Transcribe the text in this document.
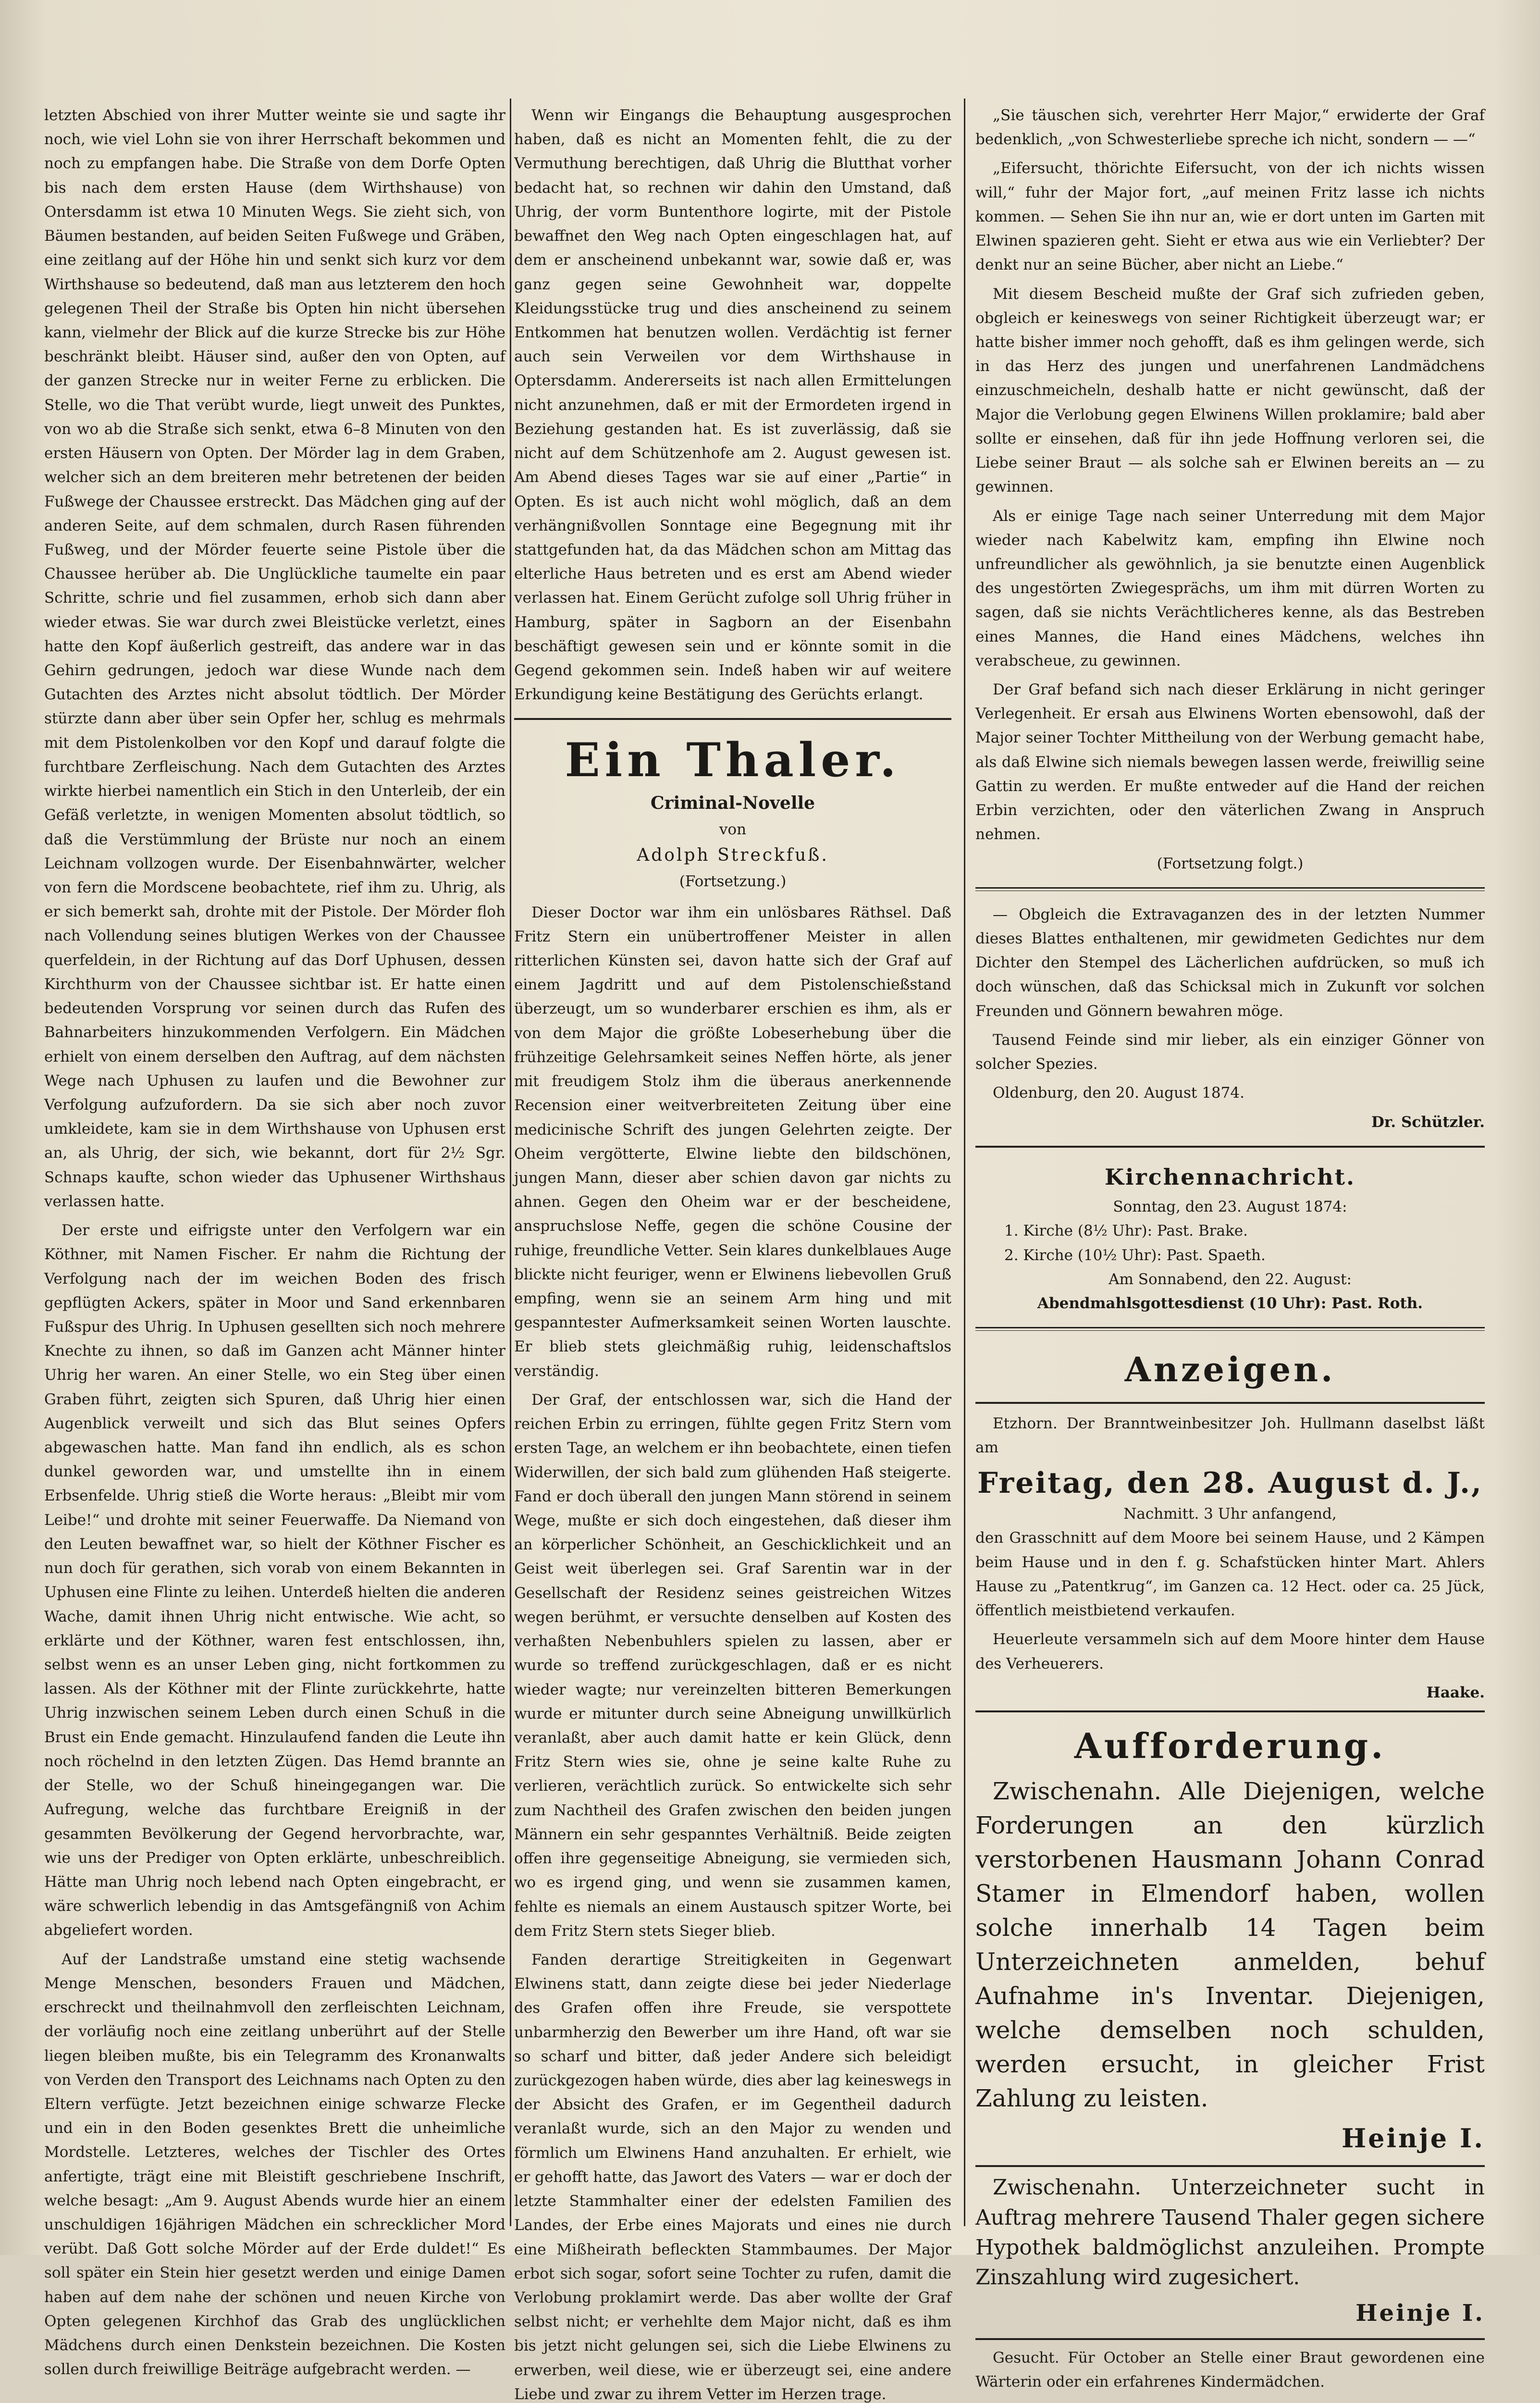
letzten Abschied von ihrer Mutter weinte sie und sagte ihr noch, wie viel Lohn sie von ihrer Herrschaft bekommen und noch zu empfangen habe. Die Straße von dem Dorfe Opten bis nach dem ersten Hause (dem Wirthshause) von Ontersdamm ist etwa 10 Minuten Wegs. Sie zieht sich, von Bäumen bestanden, auf beiden Seiten Fußwege und Gräben, eine zeitlang auf der Höhe hin und senkt sich kurz vor dem Wirthshause so bedeutend, daß man aus letzterem den hoch gelegenen Theil der Straße bis Opten hin nicht übersehen kann, vielmehr der Blick auf die kurze Strecke bis zur Höhe beschränkt bleibt. Häuser sind, außer den von Opten, auf der ganzen Strecke nur in weiter Ferne zu erblicken. Die Stelle, wo die That verübt wurde, liegt unweit des Punktes, von wo ab die Straße sich senkt, etwa 6–8 Minuten von den ersten Häusern von Opten. Der Mörder lag in dem Graben, welcher sich an dem breiteren mehr betretenen der beiden Fußwege der Chaussee erstreckt. Das Mädchen ging auf der anderen Seite, auf dem schmalen, durch Rasen führenden Fußweg, und der Mörder feuerte seine Pistole über die Chaussee herüber ab. Die Unglückliche taumelte ein paar Schritte, schrie und fiel zusammen, erhob sich dann aber wieder etwas. Sie war durch zwei Bleistücke verletzt, eines hatte den Kopf äußerlich gestreift, das andere war in das Gehirn gedrungen, jedoch war diese Wunde nach dem Gutachten des Arztes nicht absolut tödtlich. Der Mörder stürzte dann aber über sein Opfer her, schlug es mehrmals mit dem Pistolenkolben vor den Kopf und darauf folgte die furchtbare Zerfleischung. Nach dem Gutachten des Arztes wirkte hierbei namentlich ein Stich in den Unterleib, der ein Gefäß verletzte, in wenigen Momenten absolut tödtlich, so daß die Verstümmlung der Brüste nur noch an einem Leichnam vollzogen wurde. Der Eisenbahnwärter, welcher von fern die Mordscene beobachtete, rief ihm zu. Uhrig, als er sich bemerkt sah, drohte mit der Pistole. Der Mörder floh nach Vollendung seines blutigen Werkes von der Chaussee querfeldein, in der Richtung auf das Dorf Uphusen, dessen Kirchthurm von der Chaussee sichtbar ist. Er hatte einen bedeutenden Vorsprung vor seinen durch das Rufen des Bahnarbeiters hinzukommenden Verfolgern. Ein Mädchen erhielt von einem derselben den Auftrag, auf dem nächsten Wege nach Uphusen zu laufen und die Bewohner zur Verfolgung aufzufordern. Da sie sich aber noch zuvor umkleidete, kam sie in dem Wirthshause von Uphusen erst an, als Uhrig, der sich, wie bekannt, dort für 2½ Sgr. Schnaps kaufte, schon wieder das Uphusener Wirthshaus verlassen hatte.

Der erste und eifrigste unter den Verfolgern war ein Köthner, mit Namen Fischer. Er nahm die Richtung der Verfolgung nach der im weichen Boden des frisch gepflügten Ackers, später in Moor und Sand erkennbaren Fußspur des Uhrig. In Uphusen gesellten sich noch mehrere Knechte zu ihnen, so daß im Ganzen acht Männer hinter Uhrig her waren. An einer Stelle, wo ein Steg über einen Graben führt, zeigten sich Spuren, daß Uhrig hier einen Augenblick verweilt und sich das Blut seines Opfers abgewaschen hatte. Man fand ihn endlich, als es schon dunkel geworden war, und umstellte ihn in einem Erbsenfelde. Uhrig stieß die Worte heraus: „Bleibt mir vom Leibe!“ und drohte mit seiner Feuerwaffe. Da Niemand von den Leuten bewaffnet war, so hielt der Köthner Fischer es nun doch für gerathen, sich vorab von einem Bekannten in Uphusen eine Flinte zu leihen. Unterdeß hielten die anderen Wache, damit ihnen Uhrig nicht entwische. Wie acht, so erklärte und der Köthner, waren fest entschlossen, ihn, selbst wenn es an unser Leben ging, nicht fortkommen zu lassen. Als der Köthner mit der Flinte zurückkehrte, hatte Uhrig inzwischen seinem Leben durch einen Schuß in die Brust ein Ende gemacht. Hinzulaufend fanden die Leute ihn noch röchelnd in den letzten Zügen. Das Hemd brannte an der Stelle, wo der Schuß hineingegangen war. Die Aufregung, welche das furchtbare Ereigniß in der gesammten Bevölkerung der Gegend hervorbrachte, war, wie uns der Prediger von Opten erklärte, unbeschreiblich. Hätte man Uhrig noch lebend nach Opten eingebracht, er wäre schwerlich lebendig in das Amtsgefängniß von Achim abgeliefert worden.

Auf der Landstraße umstand eine stetig wachsende Menge Menschen, besonders Frauen und Mädchen, erschreckt und theilnahmvoll den zerfleischten Leichnam, der vorläufig noch eine zeitlang unberührt auf der Stelle liegen bleiben mußte, bis ein Telegramm des Kronanwalts von Verden den Transport des Leichnams nach Opten zu den Eltern verfügte. Jetzt bezeichnen einige schwarze Flecke und ein in den Boden gesenktes Brett die unheimliche Mordstelle. Letzteres, welches der Tischler des Ortes anfertigte, trägt eine mit Bleistift geschriebene Inschrift, welche besagt: „Am 9. August Abends wurde hier an einem unschuldigen 16jährigen Mädchen ein schrecklicher Mord verübt. Daß Gott solche Mörder auf der Erde duldet!“ Es soll später ein Stein hier gesetzt werden und einige Damen haben auf dem nahe der schönen und neuen Kirche von Opten gelegenen Kirchhof das Grab des unglücklichen Mädchens durch einen Denkstein bezeichnen. Die Kosten sollen durch freiwillige Beiträge aufgebracht werden. —

Wenn wir Eingangs die Behauptung ausgesprochen haben, daß es nicht an Momenten fehlt, die zu der Vermuthung berechtigen, daß Uhrig die Blutthat vorher bedacht hat, so rechnen wir dahin den Umstand, daß Uhrig, der vorm Buntenthore logirte, mit der Pistole bewaffnet den Weg nach Opten eingeschlagen hat, auf dem er anscheinend unbekannt war, sowie daß er, was ganz gegen seine Gewohnheit war, doppelte Kleidungsstücke trug und dies anscheinend zu seinem Entkommen hat benutzen wollen. Verdächtig ist ferner auch sein Verweilen vor dem Wirthshause in Optersdamm. Andererseits ist nach allen Ermittelungen nicht anzunehmen, daß er mit der Ermordeten irgend in Beziehung gestanden hat. Es ist zuverlässig, daß sie nicht auf dem Schützenhofe am 2. August gewesen ist. Am Abend dieses Tages war sie auf einer „Partie“ in Opten. Es ist auch nicht wohl möglich, daß an dem verhängnißvollen Sonntage eine Begegnung mit ihr stattgefunden hat, da das Mädchen schon am Mittag das elterliche Haus betreten und es erst am Abend wieder verlassen hat. Einem Gerücht zufolge soll Uhrig früher in Hamburg, später in Sagborn an der Eisenbahn beschäftigt gewesen sein und er könnte somit in die Gegend gekommen sein. Indeß haben wir auf weitere Erkundigung keine Bestätigung des Gerüchts erlangt.

Ein Thaler.
Criminal-Novelle
von
Adolph Streckfuß.
(Fortsetzung.)

Dieser Doctor war ihm ein unlösbares Räthsel. Daß Fritz Stern ein unübertroffener Meister in allen ritterlichen Künsten sei, davon hatte sich der Graf auf einem Jagdritt und auf dem Pistolenschießstand überzeugt, um so wunderbarer erschien es ihm, als er von dem Major die größte Lobeserhebung über die frühzeitige Gelehrsamkeit seines Neffen hörte, als jener mit freudigem Stolz ihm die überaus anerkennende Recension einer weitverbreiteten Zeitung über eine medicinische Schrift des jungen Gelehrten zeigte. Der Oheim vergötterte, Elwine liebte den bildschönen, jungen Mann, dieser aber schien davon gar nichts zu ahnen. Gegen den Oheim war er der bescheidene, anspruchslose Neffe, gegen die schöne Cousine der ruhige, freundliche Vetter. Sein klares dunkelblaues Auge blickte nicht feuriger, wenn er Elwinens liebevollen Gruß empfing, wenn sie an seinem Arm hing und mit gespanntester Aufmerksamkeit seinen Worten lauschte. Er blieb stets gleichmäßig ruhig, leidenschaftslos verständig.

Der Graf, der entschlossen war, sich die Hand der reichen Erbin zu erringen, fühlte gegen Fritz Stern vom ersten Tage, an welchem er ihn beobachtete, einen tiefen Widerwillen, der sich bald zum glühenden Haß steigerte. Fand er doch überall den jungen Mann störend in seinem Wege, mußte er sich doch eingestehen, daß dieser ihm an körperlicher Schönheit, an Geschicklichkeit und an Geist weit überlegen sei. Graf Sarentin war in der Gesellschaft der Residenz seines geistreichen Witzes wegen berühmt, er versuchte denselben auf Kosten des verhaßten Nebenbuhlers spielen zu lassen, aber er wurde so treffend zurückgeschlagen, daß er es nicht wieder wagte; nur vereinzelten bitteren Bemerkungen wurde er mitunter durch seine Abneigung unwillkürlich veranlaßt, aber auch damit hatte er kein Glück, denn Fritz Stern wies sie, ohne je seine kalte Ruhe zu verlieren, verächtlich zurück. So entwickelte sich sehr zum Nachtheil des Grafen zwischen den beiden jungen Männern ein sehr gespanntes Verhältniß. Beide zeigten offen ihre gegenseitige Abneigung, sie vermieden sich, wo es irgend ging, und wenn sie zusammen kamen, fehlte es niemals an einem Austausch spitzer Worte, bei dem Fritz Stern stets Sieger blieb.

Fanden derartige Streitigkeiten in Gegenwart Elwinens statt, dann zeigte diese bei jeder Niederlage des Grafen offen ihre Freude, sie verspottete unbarmherzig den Bewerber um ihre Hand, oft war sie so scharf und bitter, daß jeder Andere sich beleidigt zurückgezogen haben würde, dies aber lag keineswegs in der Absicht des Grafen, er im Gegentheil dadurch veranlaßt wurde, sich an den Major zu wenden und förmlich um Elwinens Hand anzuhalten. Er erhielt, wie er gehofft hatte, das Jawort des Vaters — war er doch der letzte Stammhalter einer der edelsten Familien des Landes, der Erbe eines Majorats und eines nie durch eine Mißheirath befleckten Stammbaumes. Der Major erbot sich sogar, sofort seine Tochter zu rufen, damit die Verlobung proklamirt werde. Das aber wollte der Graf selbst nicht; er verhehlte dem Major nicht, daß es ihm bis jetzt nicht gelungen sei, sich die Liebe Elwinens zu erwerben, weil diese, wie er überzeugt sei, eine andere Liebe und zwar zu ihrem Vetter im Herzen trage.

„Sie täuschen sich, verehrter Herr Major,“ erwiderte der Graf bedenklich, „von Schwesterliebe spreche ich nicht, sondern — —“

„Eifersucht, thörichte Eifersucht, von der ich nichts wissen will,“ fuhr der Major fort, „auf meinen Fritz lasse ich nichts kommen. — Sehen Sie ihn nur an, wie er dort unten im Garten mit Elwinen spazieren geht. Sieht er etwa aus wie ein Verliebter? Der denkt nur an seine Bücher, aber nicht an Liebe.“

Mit diesem Bescheid mußte der Graf sich zufrieden geben, obgleich er keineswegs von seiner Richtigkeit überzeugt war; er hatte bisher immer noch gehofft, daß es ihm gelingen werde, sich in das Herz des jungen und unerfahrenen Landmädchens einzuschmeicheln, deshalb hatte er nicht gewünscht, daß der Major die Verlobung gegen Elwinens Willen proklamire; bald aber sollte er einsehen, daß für ihn jede Hoffnung verloren sei, die Liebe seiner Braut — als solche sah er Elwinen bereits an — zu gewinnen.

Als er einige Tage nach seiner Unterredung mit dem Major wieder nach Kabelwitz kam, empfing ihn Elwine noch unfreundlicher als gewöhnlich, ja sie benutzte einen Augenblick des ungestörten Zwiegesprächs, um ihm mit dürren Worten zu sagen, daß sie nichts Verächtlicheres kenne, als das Bestreben eines Mannes, die Hand eines Mädchens, welches ihn verabscheue, zu gewinnen.

Der Graf befand sich nach dieser Erklärung in nicht geringer Verlegenheit. Er ersah aus Elwinens Worten ebensowohl, daß der Major seiner Tochter Mittheilung von der Werbung gemacht habe, als daß Elwine sich niemals bewegen lassen werde, freiwillig seine Gattin zu werden. Er mußte entweder auf die Hand der reichen Erbin verzichten, oder den väterlichen Zwang in Anspruch nehmen.

(Fortsetzung folgt.)

— Obgleich die Extravaganzen des in der letzten Nummer dieses Blattes enthaltenen, mir gewidmeten Gedichtes nur dem Dichter den Stempel des Lächerlichen aufdrücken, so muß ich doch wünschen, daß das Schicksal mich in Zukunft vor solchen Freunden und Gönnern bewahren möge.

Tausend Feinde sind mir lieber, als ein einziger Gönner von solcher Spezies.

Oldenburg, den 20. August 1874.

Dr. Schützler.
Kirchennachricht.
Sonntag, den 23. August 1874:
1. Kirche (8½ Uhr): Past. Brake.
2. Kirche (10½ Uhr): Past. Spaeth.
Am Sonnabend, den 22. August:
Abendmahlsgottesdienst (10 Uhr): Past. Roth.
Anzeigen.

Etzhorn. Der Branntweinbesitzer Joh. Hullmann daselbst läßt am

Freitag, den 28. August d. J.,
Nachmitt. 3 Uhr anfangend,

den Grasschnitt auf dem Moore bei seinem Hause, und 2 Kämpen beim Hause und in den f. g. Schafstücken hinter Mart. Ahlers Hause zu „Patentkrug“, im Ganzen ca. 12 Hect. oder ca. 25 Jück, öffentlich meistbietend verkaufen.

Heuerleute versammeln sich auf dem Moore hinter dem Hause des Verheuerers.

Haake.
Aufforderung.

Zwischenahn. Alle Diejenigen, welche Forderungen an den kürzlich verstorbenen Hausmann Johann Conrad Stamer in Elmendorf haben, wollen solche innerhalb 14 Tagen beim Unterzeichneten anmelden, behuf Aufnahme in's Inventar. Diejenigen, welche demselben noch schulden, werden ersucht, in gleicher Frist Zahlung zu leisten.

Heinje I.

Zwischenahn. Unterzeichneter sucht in Auftrag mehrere Tausend Thaler gegen sichere Hypothek baldmöglichst anzuleihen. Prompte Zinszahlung wird zugesichert.

Heinje I.

Gesucht. Für October an Stelle einer Braut gewordenen eine Wärterin oder ein erfahrenes Kindermädchen.
